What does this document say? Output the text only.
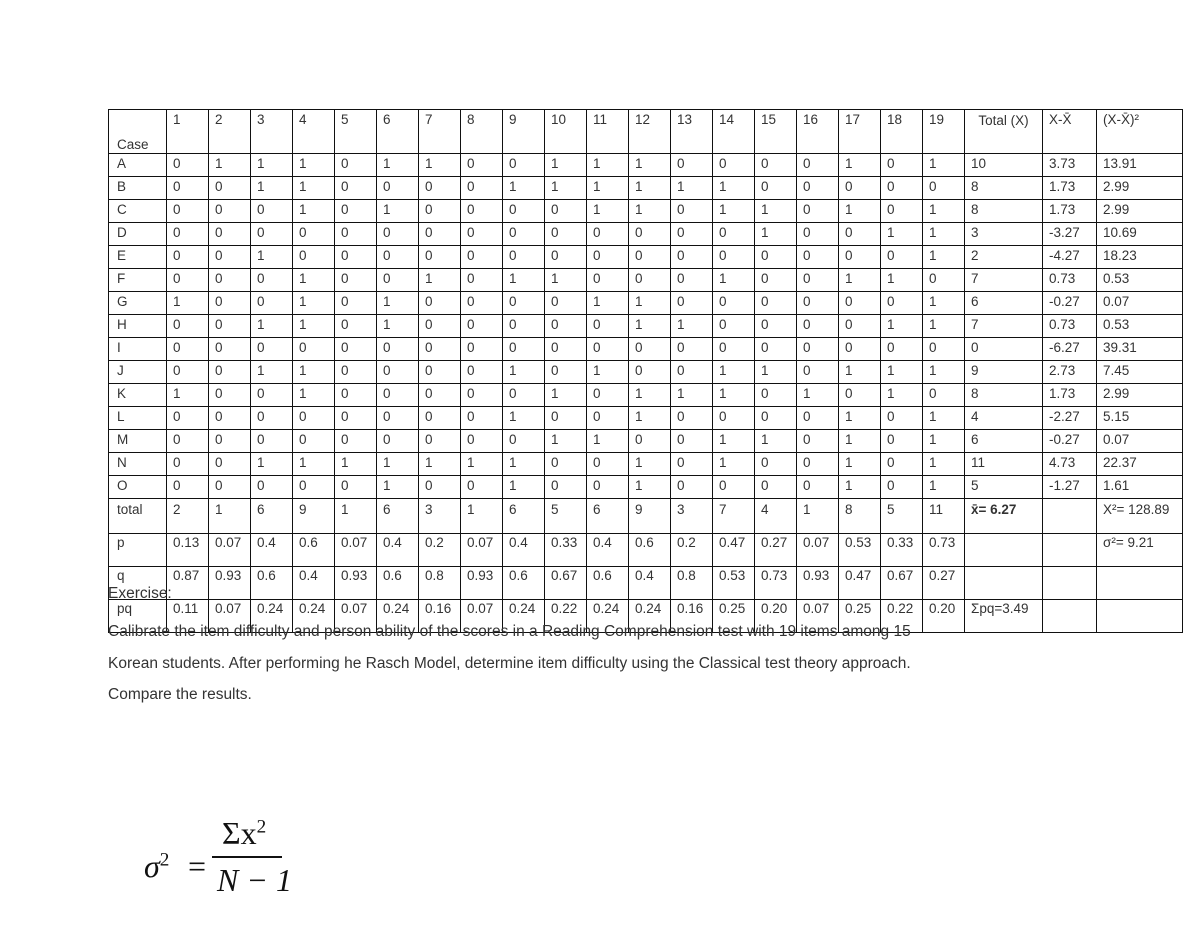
Case	1	2	3	4	5	6	7	8	9	10	11	12	13	14	15	16	17	18	19	Total (X)	X-X̄	(X-X̄)²
A	0	1	1	1	0	1	1	0	0	1	1	1	0	0	0	0	1	0	1	10	3.73	13.91
B	0	0	1	1	0	0	0	0	1	1	1	1	1	1	0	0	0	0	0	8	1.73	2.99
C	0	0	0	1	0	1	0	0	0	0	1	1	0	1	1	0	1	0	1	8	1.73	2.99
D	0	0	0	0	0	0	0	0	0	0	0	0	0	0	1	0	0	1	1	3	-3.27	10.69
E	0	0	1	0	0	0	0	0	0	0	0	0	0	0	0	0	0	0	1	2	-4.27	18.23
F	0	0	0	1	0	0	1	0	1	1	0	0	0	1	0	0	1	1	0	7	0.73	0.53
G	1	0	0	1	0	1	0	0	0	0	1	1	0	0	0	0	0	0	1	6	-0.27	0.07
H	0	0	1	1	0	1	0	0	0	0	0	1	1	0	0	0	0	1	1	7	0.73	0.53
I	0	0	0	0	0	0	0	0	0	0	0	0	0	0	0	0	0	0	0	0	-6.27	39.31
J	0	0	1	1	0	0	0	0	1	0	1	0	0	1	1	0	1	1	1	9	2.73	7.45
K	1	0	0	1	0	0	0	0	0	1	0	1	1	1	0	1	0	1	0	8	1.73	2.99
L	0	0	0	0	0	0	0	0	1	0	0	1	0	0	0	0	1	0	1	4	-2.27	5.15
M	0	0	0	0	0	0	0	0	0	1	1	0	0	1	1	0	1	0	1	6	-0.27	0.07
N	0	0	1	1	1	1	1	1	1	0	0	1	0	1	0	0	1	0	1	11	4.73	22.37
O	0	0	0	0	0	1	0	0	1	0	0	1	0	0	0	0	1	0	1	5	-1.27	1.61
total	2	1	6	9	1	6	3	1	6	5	6	9	3	7	4	1	8	5	11	x̄= 6.27		X²= 128.89
p	0.13	0.07	0.4	0.6	0.07	0.4	0.2	0.07	0.4	0.33	0.4	0.6	0.2	0.47	0.27	0.07	0.53	0.33	0.73			σ²= 9.21
q	0.87	0.93	0.6	0.4	0.93	0.6	0.8	0.93	0.6	0.67	0.6	0.4	0.8	0.53	0.73	0.93	0.47	0.67	0.27			
pq	0.11	0.07	0.24	0.24	0.07	0.24	0.16	0.07	0.24	0.22	0.24	0.24	0.16	0.25	0.20	0.07	0.25	0.22	0.20	Σpq=3.49		
Exercise:

Calibrate the item difficulty and person ability of the scores in a Reading Comprehension test with 19 items among 15

Korean students. After performing he Rasch Model, determine item difficulty using the Classical test theory approach.

Compare the results.

$\sigma^2$ =
$\Sigma x^2$
N − 1
